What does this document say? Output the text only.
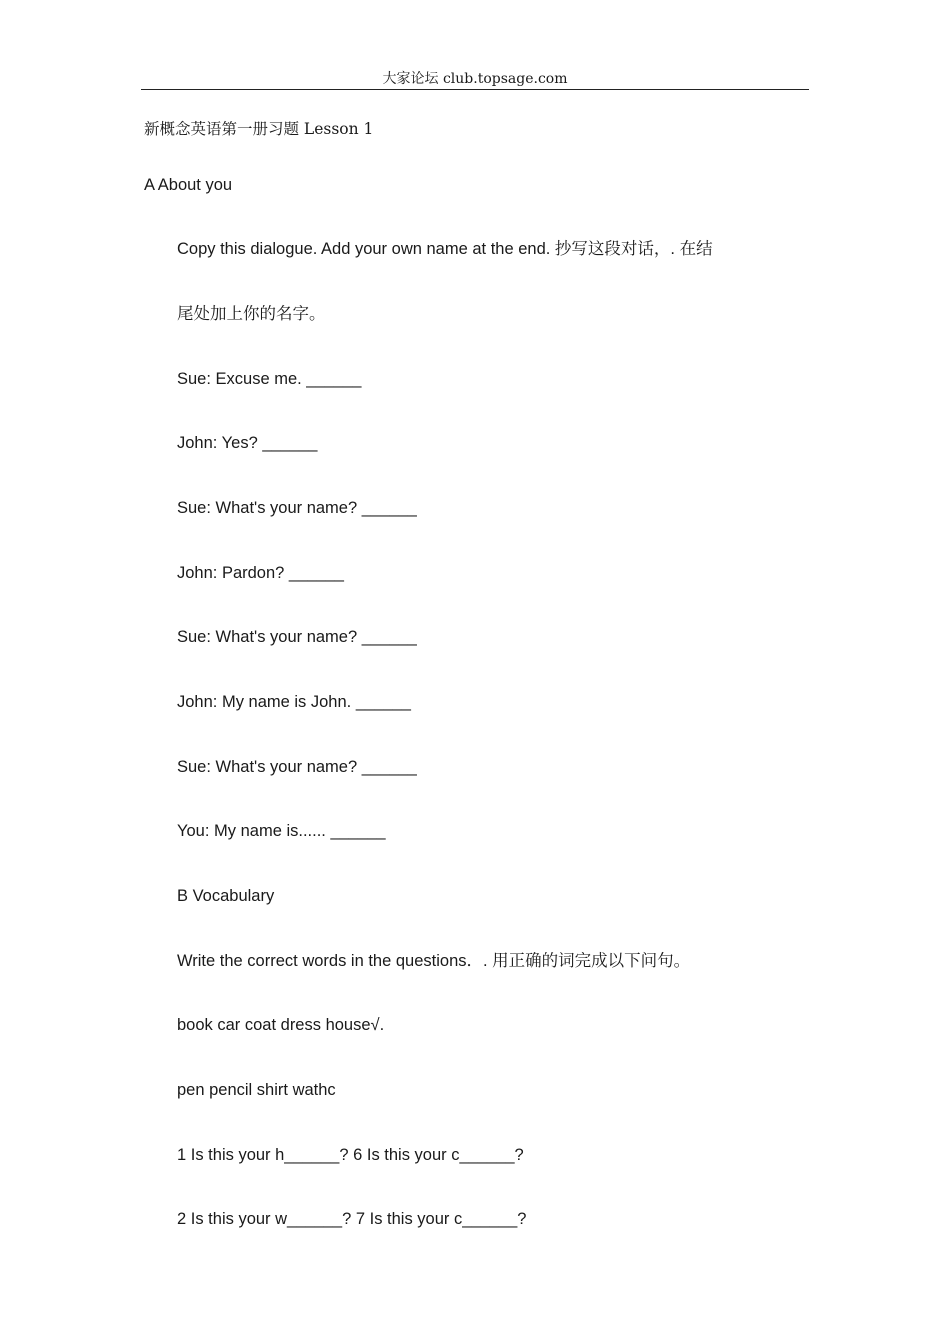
大家论坛 club.topsage.com
新概念英语第一册习题 Lesson 1
A About you
Copy this dialogue. Add your own name at the end. 抄写这段对话，. 在结
尾处加上你的名字。
Sue: Excuse me. ______
John: Yes? ______
Sue: What's your name? ______
John: Pardon? ______
Sue: What's your name? ______
John: My name is John. ______
Sue: What's your name? ______
You: My name is...... ______
B Vocabulary
Write the correct words in the questions．. 用正确的词完成以下问句。
book car coat dress house√.
pen pencil shirt wathc
1 Is this your h______? 6 Is this your c______?
2 Is this your w______? 7 Is this your c______?
